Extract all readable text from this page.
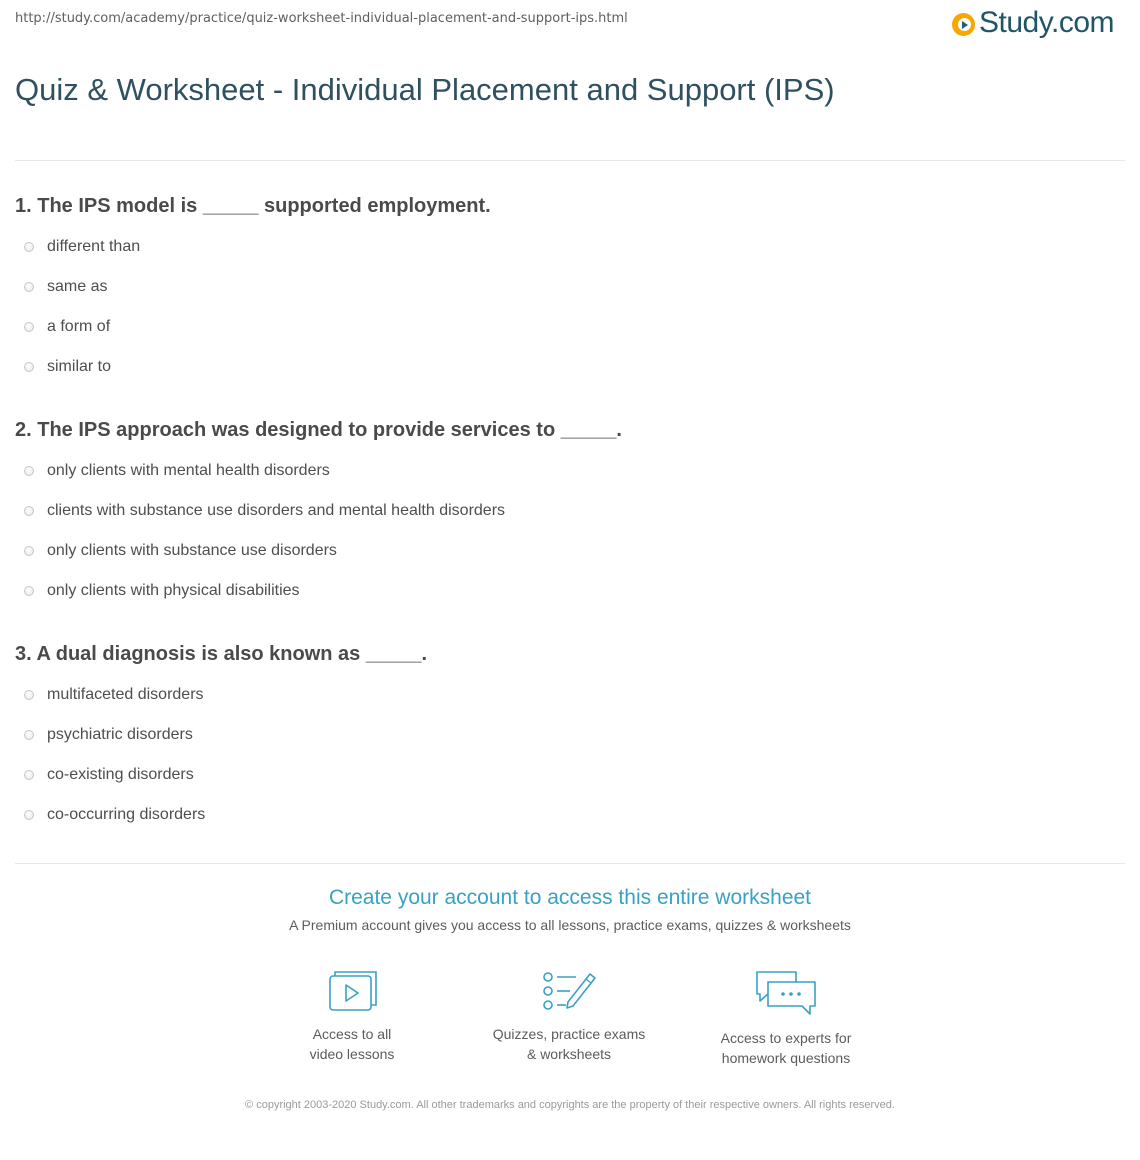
http://study.com/academy/practice/quiz-worksheet-individual-placement-and-support-ips.html	Study.com
Quiz & Worksheet - Individual Placement and Support (IPS)
1. The IPS model is _____ supported employment.
different than
same as
a form of
similar to
2. The IPS approach was designed to provide services to _____.
only clients with mental health disorders
clients with substance use disorders and mental health disorders
only clients with substance use disorders
only clients with physical disabilities
3. A dual diagnosis is also known as _____.
multifaceted disorders
psychiatric disorders
co-existing disorders
co-occurring disorders
Create your account to access this entire worksheet
A Premium account gives you access to all lessons, practice exams, quizzes & worksheets
Access to all
video lessons
Quizzes, practice exams
& worksheets
Access to experts for
homework questions
© copyright 2003-2020 Study.com. All other trademarks and copyrights are the property of their respective owners. All rights reserved.
